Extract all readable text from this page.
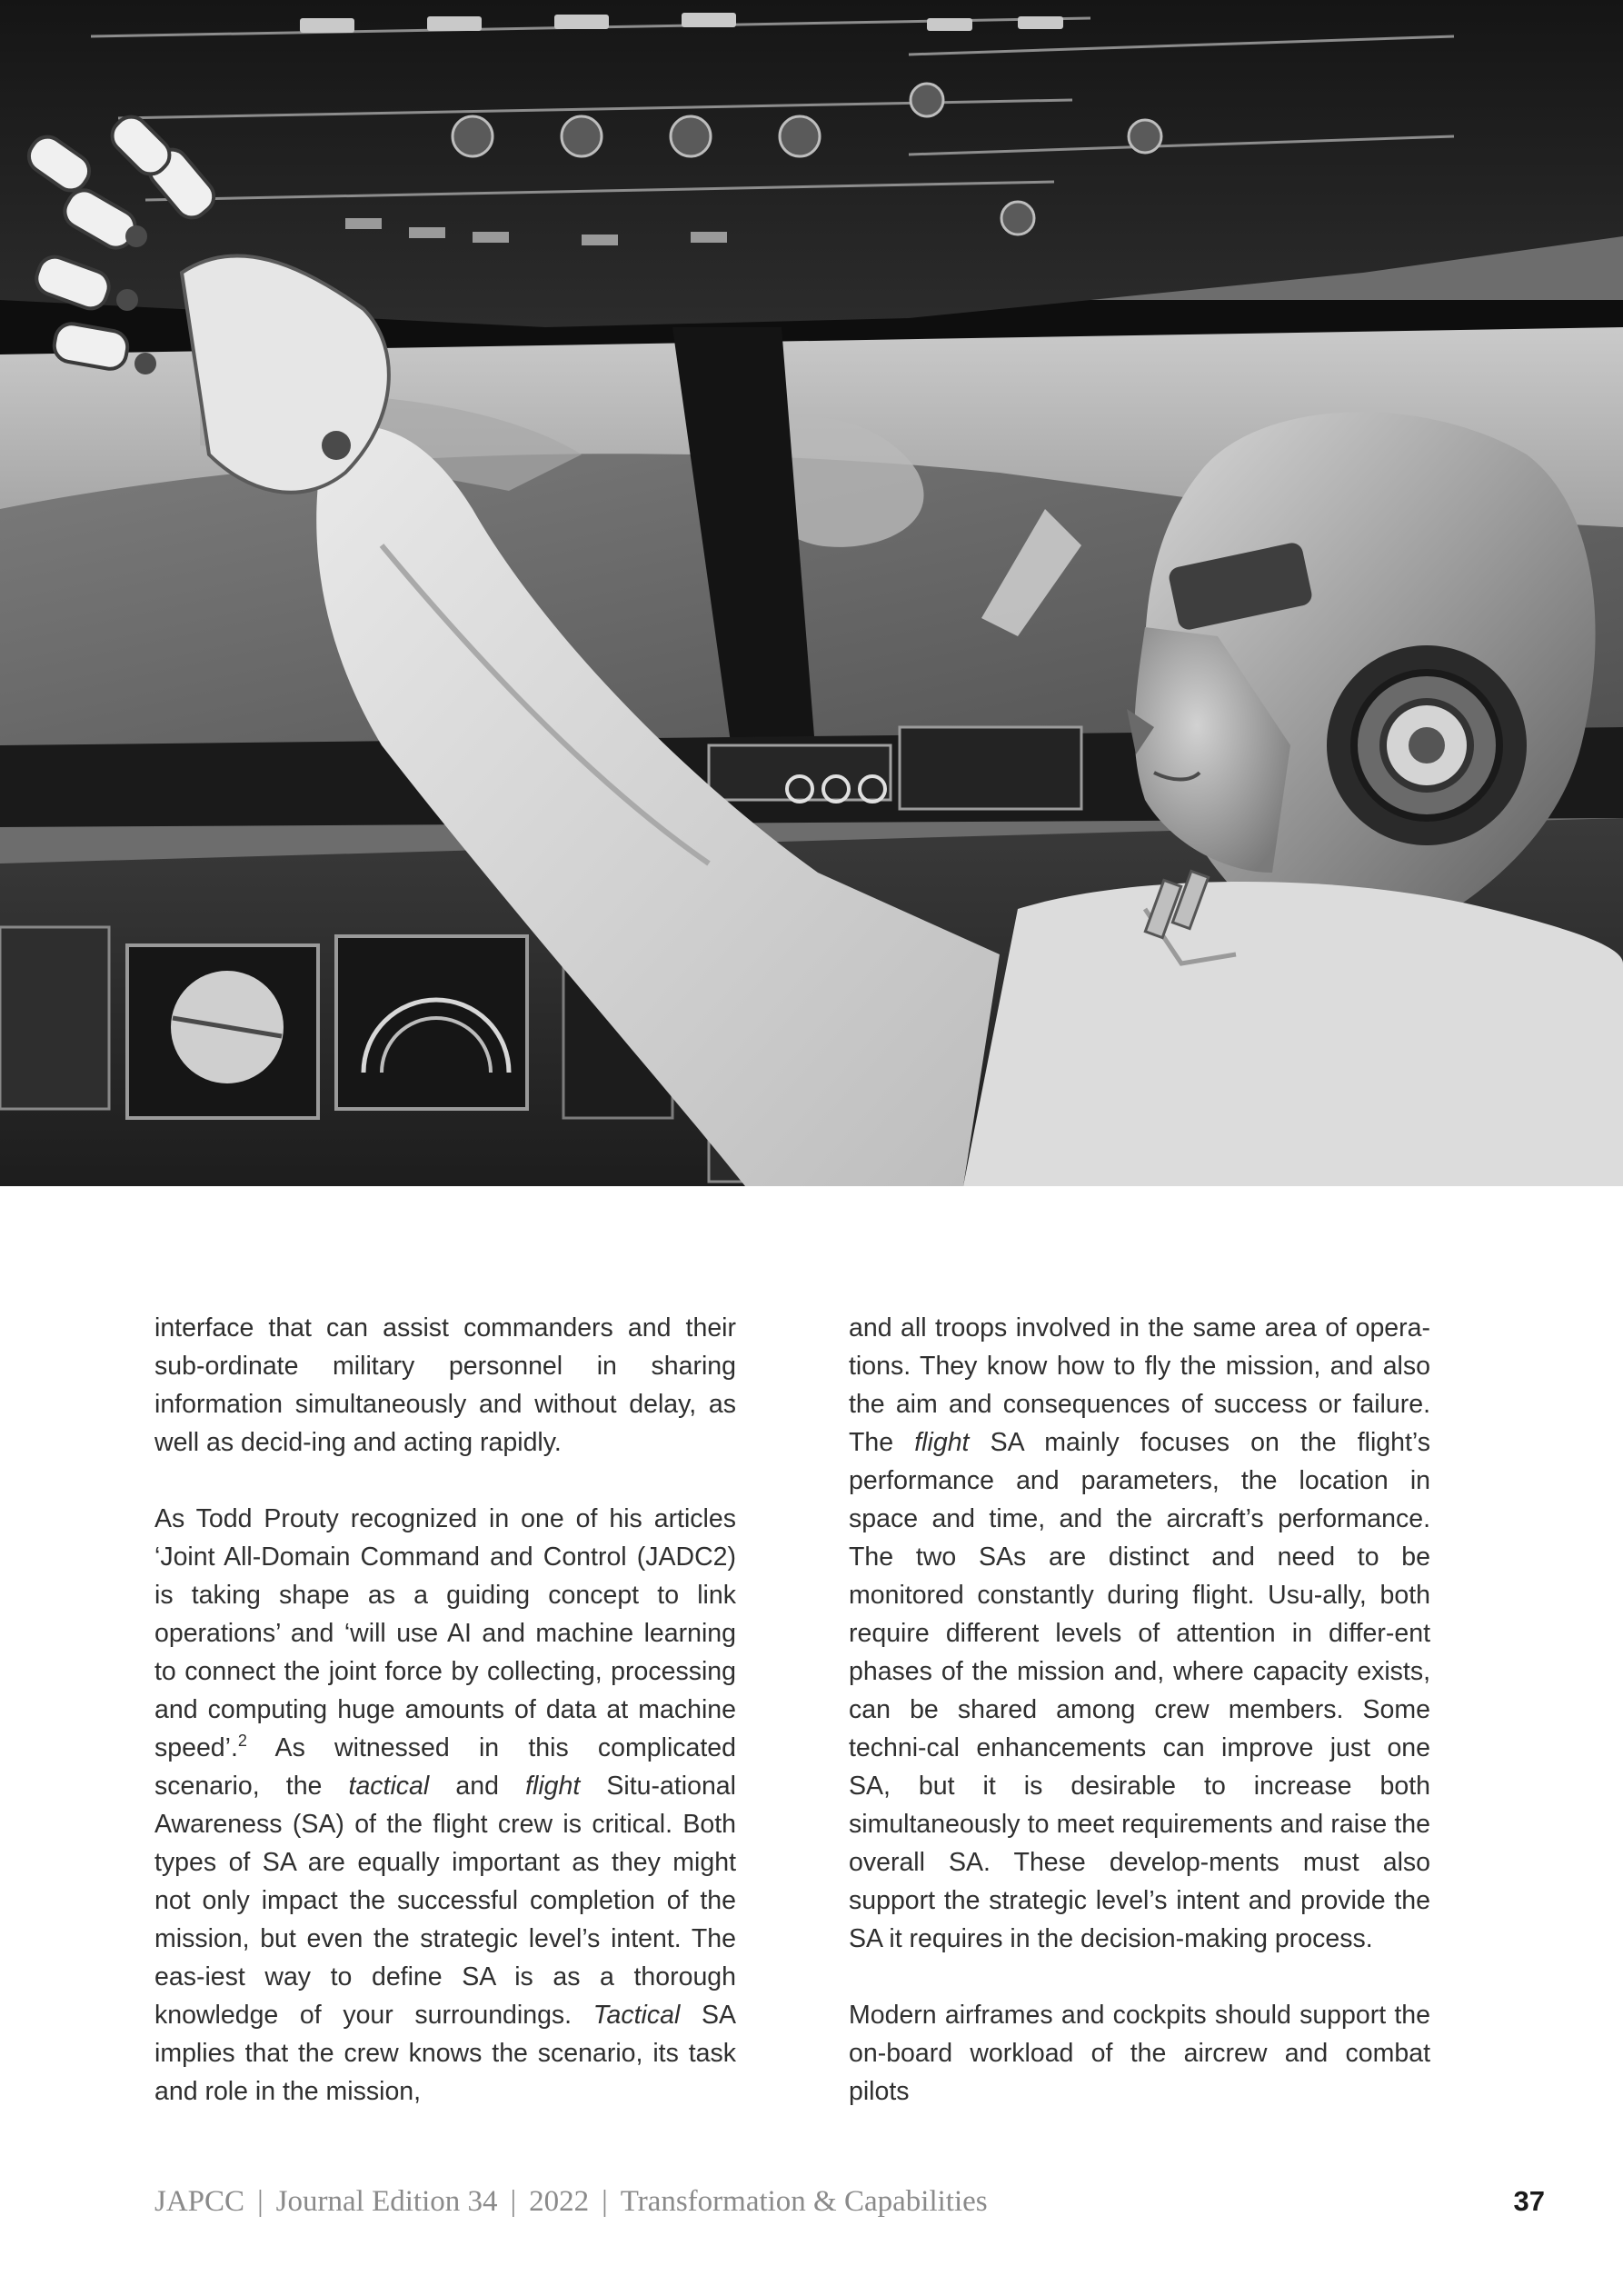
interface that can assist commanders and their sub-ordinate military personnel in sharing information simultaneously and without delay, as well as decid-ing and acting rapidly.

As Todd Prouty recognized in one of his articles ‘Joint All-Domain Command and Control (JADC2) is taking shape as a guiding concept to link operations’ and ‘will use AI and machine learning to connect the joint force by collecting, processing and computing huge amounts of data at machine speed’.$^2$ As witnessed in this complicated scenario, the tactical and flight Situ-ational Awareness (SA) of the flight crew is critical. Both types of SA are equally important as they might not only impact the successful completion of the mission, but even the strategic level’s intent. The eas-iest way to define SA is as a thorough knowledge of your surroundings. Tactical SA implies that the crew knows the scenario, its task and role in the mission,

and all troops involved in the same area of opera-tions. They know how to fly the mission, and also the aim and consequences of success or failure. The flight SA mainly focuses on the flight’s performance and parameters, the location in space and time, and the aircraft’s performance. The two SAs are distinct and need to be monitored constantly during flight. Usu-ally, both require different levels of attention in differ-ent phases of the mission and, where capacity exists, can be shared among crew members. Some techni-cal enhancements can improve just one SA, but it is desirable to increase both simultaneously to meet requirements and raise the overall SA. These develop-ments must also support the strategic level’s intent and provide the SA it requires in the decision-making process.

Modern airframes and cockpits should support the on-board workload of the aircrew and combat pilots

JAPCC | Journal Edition 34 | 2022 | Transformation & Capabilities	37
